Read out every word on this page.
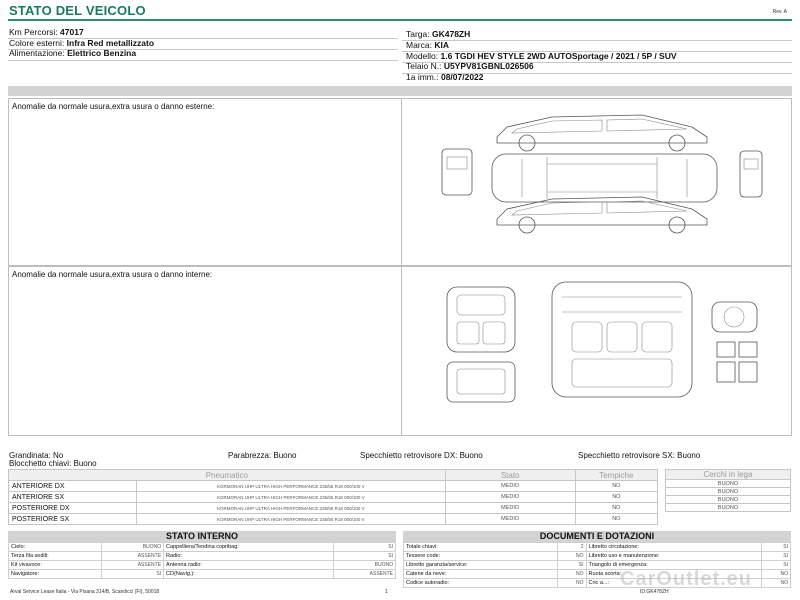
STATO DEL VEICOLO	Rev. A
Km Percorsi: 47017
Colore esterni: Infra Red metallizzato
Alimentazione: Elettrico Benzina
Targa: GK478ZH
Marca: KIA
Modello: 1.6 TGDI HEV STYLE 2WD AUTOSportage / 2021 / 5P / SUV
Telaio N.: U5YPV81GBNL026506
1a imm.: 08/07/2022
Anomalie da normale usura,extra usura o danno esterne:
Anomalie da normale usura,extra usura o danno interne:
Grandinata: No	Parabrezza: Buono	Specchietto retrovisore DX: Buono	Specchietto retrovisore SX: Buono
Blocchetto chiavi: Buono
Pneumatico		Stato	Tempiche
ANTERIORE DX	KORMORAN UHP ULTRA HIGH PERFORMANCE 235/55 R18 000/100 V	MEDIO	NO
ANTERIORE SX	KORMORAN UHP ULTRA HIGH PERFORMANCE 235/55 R18 000/100 V	MEDIO	NO
POSTERIORE DX	KORMORAN UHP ULTRA HIGH PERFORMANCE 235/55 R18 000/100 V	MEDIO	NO
POSTERIORE SX	KORMORAN UHP ULTRA HIGH PERFORMANCE 235/55 R18 000/100 V	MEDIO	NO
Cerchi in lega
BUONO
BUONO
BUONO
BUONO
STATO INTERNO
Cielo:	BUONO	Cappelliera/Tendina copribag:	SI
Terza fila sedili:	ASSENTE	Radio:	SI
Kit vivavoce:	ASSENTE	Antenna radio:	BUONO
Navigatore:	SI	CD(Navig.):	ASSENTE
DOCUMENTI E DOTAZIONI
Totale chiavi:	2	Libretto circolazione:	SI
Tessere code:	NO	Libretto uso e manutenzione:	SI
Libretto garanzia/service:	SI	Triangolo di emergenza:	SI
Catene da neve:	NO	Ruota scorta:	NO
Codice autoradio:	NO	Cric a...:	NO
Arval Service Lease Italia - Via Pisana 314/B, Scandicci (FI), 50018	1	ID:GK478ZH
CarOutlet.eu
